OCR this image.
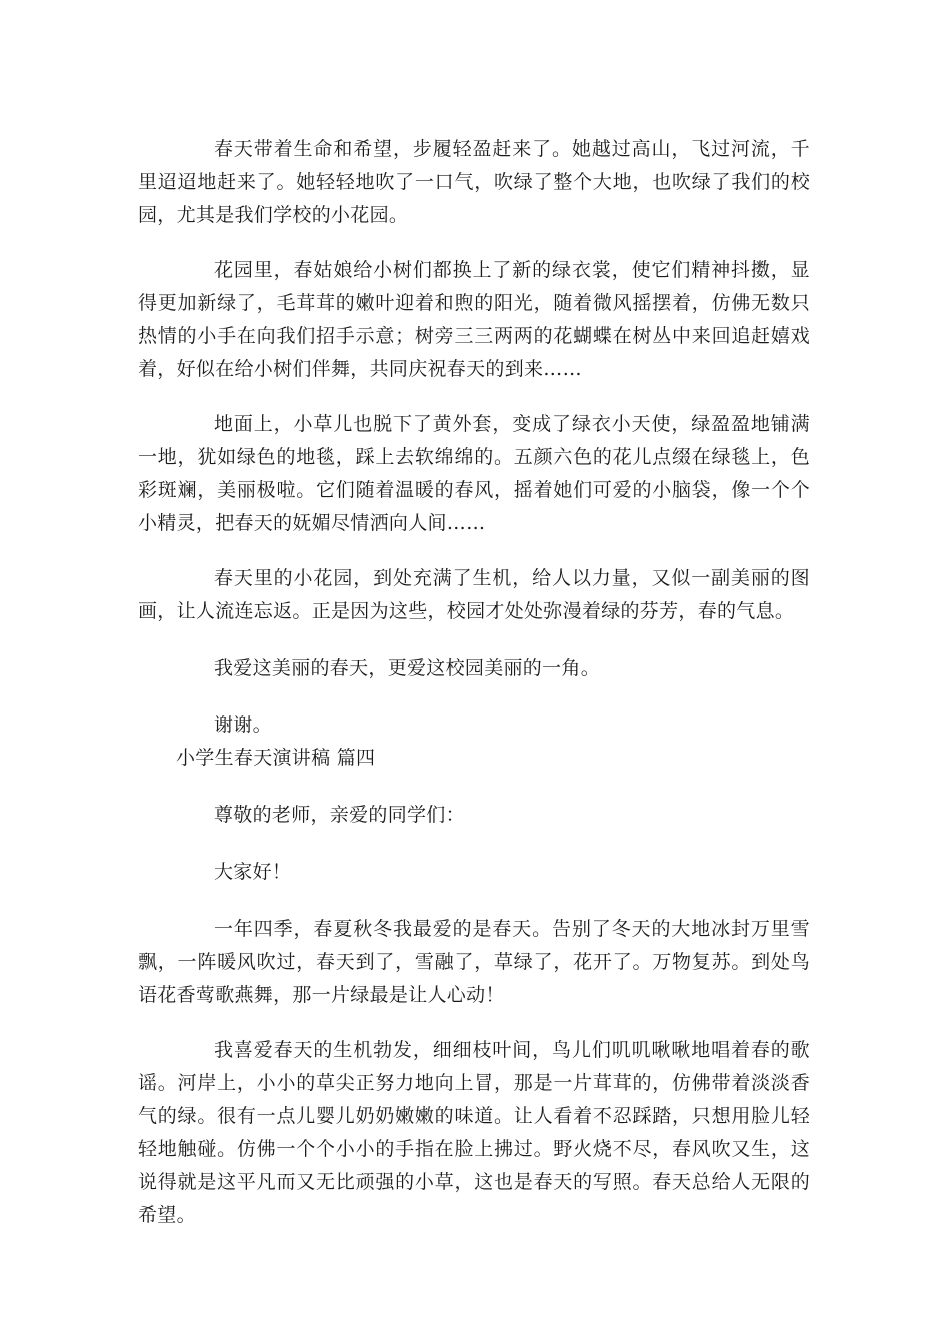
春天带着生命和希望，步履轻盈赶来了。她越过高山，飞过河流，千里迢迢地赶来了。她轻轻地吹了一口气，吹绿了整个大地，也吹绿了我们的校园，尤其是我们学校的小花园。

花园里，春姑娘给小树们都换上了新的绿衣裳，使它们精神抖擞，显得更加新绿了，毛茸茸的嫩叶迎着和煦的阳光，随着微风摇摆着，仿佛无数只热情的小手在向我们招手示意；树旁三三两两的花蝴蝶在树丛中来回追赶嬉戏着，好似在给小树们伴舞，共同庆祝春天的到来……

地面上，小草儿也脱下了黄外套，变成了绿衣小天使，绿盈盈地铺满一地，犹如绿色的地毯，踩上去软绵绵的。五颜六色的花儿点缀在绿毯上，色彩斑斓，美丽极啦。它们随着温暖的春风，摇着她们可爱的小脑袋，像一个个小精灵，把春天的妩媚尽情洒向人间……

春天里的小花园，到处充满了生机，给人以力量，又似一副美丽的图画，让人流连忘返。正是因为这些，校园才处处弥漫着绿的芬芳，春的气息。

我爱这美丽的春天，更爱这校园美丽的一角。

谢谢。

小学生春天演讲稿 篇四

尊敬的老师，亲爱的同学们：

大家好！

一年四季，春夏秋冬我最爱的是春天。告别了冬天的大地冰封万里雪飘，一阵暖风吹过，春天到了，雪融了，草绿了，花开了。万物复苏。到处鸟语花香莺歌燕舞，那一片绿最是让人心动！

我喜爱春天的生机勃发，细细枝叶间，鸟儿们叽叽啾啾地唱着春的歌谣。河岸上，小小的草尖正努力地向上冒，那是一片茸茸的，仿佛带着淡淡香气的绿。很有一点儿婴儿奶奶嫩嫩的味道。让人看着不忍踩踏，只想用脸儿轻轻地触碰。仿佛一个个小小的手指在脸上拂过。野火烧不尽，春风吹又生，这说得就是这平凡而又无比顽强的小草，这也是春天的写照。春天总给人无限的希望。
